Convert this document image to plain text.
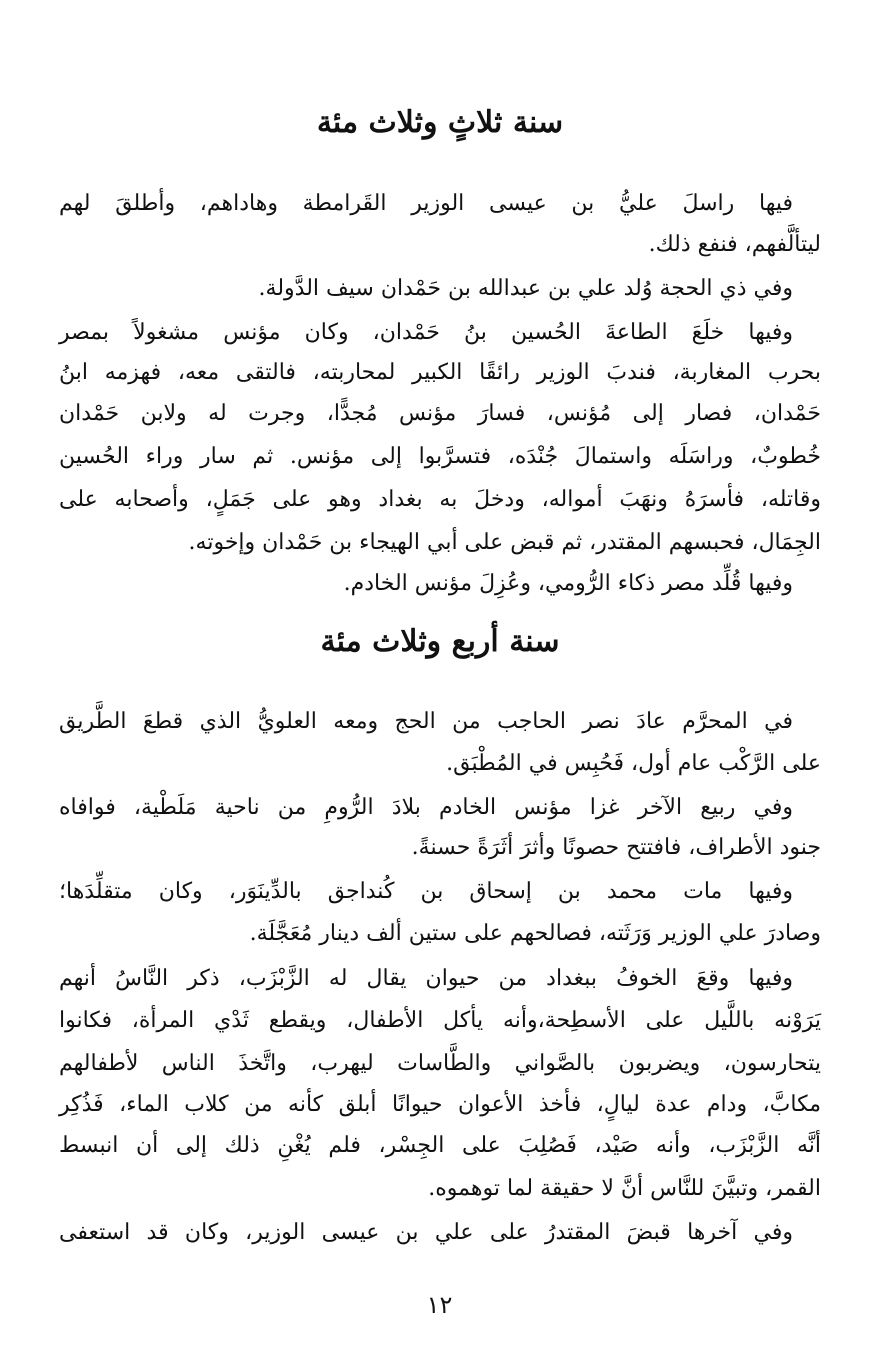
سنة ثلاثٍ وثلاث مئة

فيها راسلَ عليُّ بن عيسى الوزير القَرامطة وهاداهم، وأطلقَ لهم

ليتألَّفهم، فنفع ذلك.

وفي ذي الحجة وُلد علي بن عبدالله بن حَمْدان سيف الدَّولة.

وفيها خلَعَ الطاعةَ الحُسين بنُ حَمْدان، وكان مؤنس مشغولاً بمصر

بحرب المغاربة، فندبَ الوزير رائقًا الكبير لمحاربته، فالتقى معه، فهزمه ابنُ

حَمْدان، فصار إلى مُؤنس، فسارَ مؤنس مُجدًّا، وجرت له ولابن حَمْدان

خُطوبٌ، وراسَلَه واستمالَ جُنْدَه، فتسرَّبوا إلى مؤنس. ثم سار وراء الحُسين

وقاتله، فأسرَهُ ونهَبَ أمواله، ودخلَ به بغداد وهو على جَمَلٍ، وأصحابه على

الجِمَال، فحبسهم المقتدر، ثم قبض على أبي الهيجاء بن حَمْدان وإخوته.

وفيها قُلِّد مصر ذكاء الرُّومي، وعُزِلَ مؤنس الخادم.

سنة أربع وثلاث مئة

في المحرَّم عادَ نصر الحاجب من الحج ومعه العلويُّ الذي قطعَ الطَّريق

على الرَّكْب عام أول، فَحُبِس في المُطْبَق.

وفي ربيع الآخر غزا مؤنس الخادم بلادَ الرُّومِ من ناحية مَلَطْية، فوافاه

جنود الأطراف، فافتتح حصونًا وأثرَ أثَرَةً حسنةً.

وفيها مات محمد بن إسحاق بن كُنداجق بالدِّينَوَر، وكان متقلِّدَها؛

وصادرَ علي الوزير وَرَثَته، فصالحهم على ستين ألف دينار مُعَجَّلَة.

وفيها وقعَ الخوفُ ببغداد من حيوان يقال له الزَّبْزَب، ذكر النَّاسُ أنهم

يَرَوْنه باللَّيل على الأسطِحة،وأنه يأكل الأطفال، ويقطع ثَدْي المرأة، فكانوا

يتحارسون، ويضربون بالصَّواني والطَّاسات ليهرب، واتَّخذَ الناس لأطفالهم

مكابَّ، ودام عدة ليالٍ، فأخذ الأعوان حيوانًا أبلق كأنه من كلاب الماء، فَذُكِر

أنَّه الزَّبْزَب، وأنه صَيْد، فَصُلِبَ على الجِسْر، فلم يُغْنِ ذلك إلى أن انبسط

القمر، وتبيَّنَ للنَّاس أنَّ لا حقيقة لما توهموه.

وفي آخرها قبضَ المقتدرُ على علي بن عيسى الوزير، وكان قد استعفى

١٢
